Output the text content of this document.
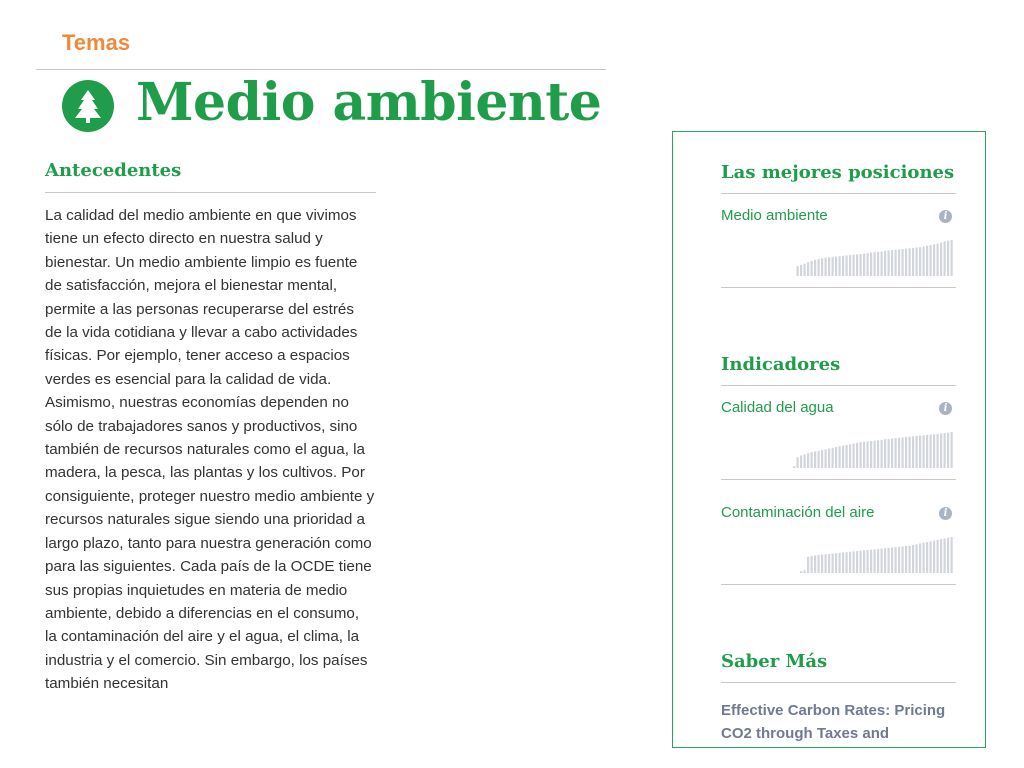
Temas
Medio ambiente
Antecedentes
La calidad del medio ambiente en que vivimos tiene un efecto directo en nuestra salud y bienestar. Un medio ambiente limpio es fuente de satisfacción, mejora el bienestar mental, permite a las personas recuperarse del estrés de la vida cotidiana y llevar a cabo actividades físicas. Por ejemplo, tener acceso a espacios verdes es esencial para la calidad de vida. Asimismo, nuestras economías dependen no sólo de trabajadores sanos y productivos, sino también de recursos naturales como el agua, la madera, la pesca, las plantas y los cultivos. Por consiguiente, proteger nuestro medio ambiente y recursos naturales sigue siendo una prioridad a largo plazo, tanto para nuestra generación como para las siguientes. Cada país de la OCDE tiene sus propias inquietudes en materia de medio ambiente, debido a diferencias en el consumo, la contaminación del aire y el agua, el clima, la industria y el comercio. Sin embargo, los países también necesitan
Las mejores posiciones
Medio ambiente	i
Indicadores
Calidad del agua	i
Contaminación del aire	i
Saber Más
Effective Carbon Rates: Pricing CO2 through Taxes and
